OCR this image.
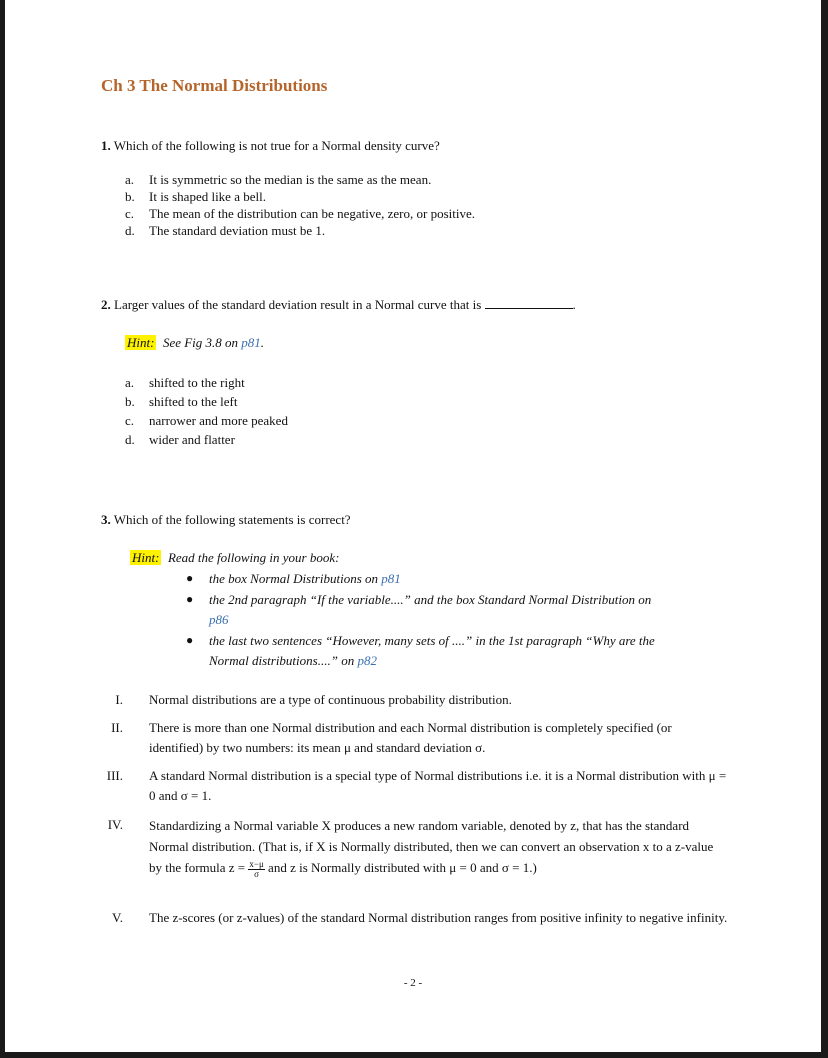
Ch 3 The Normal Distributions
1. Which of the following is not true for a Normal density curve?
a. It is symmetric so the median is the same as the mean.
b. It is shaped like a bell.
c. The mean of the distribution can be negative, zero, or positive.
d. The standard deviation must be 1.
2. Larger values of the standard deviation result in a Normal curve that is	.
Hint: See Fig 3.8 on p81.
a. shifted to the right
b. shifted to the left
c. narrower and more peaked
d. wider and flatter
3. Which of the following statements is correct?
Hint: Read the following in your book:
● the box Normal Distributions on p81
● the 2nd paragraph “If the variable....” and the box Standard Normal Distribution on
p86
● the last two sentences “However, many sets of ....” in the 1st paragraph “Why are the
Normal distributions....” on p82
I. Normal distributions are a type of continuous probability distribution.
II. There is more than one Normal distribution and each Normal distribution is completely specified (or identified) by two numbers: its mean μ and standard deviation σ.
III. A standard Normal distribution is a special type of Normal distributions i.e. it is a Normal distribution with μ = 0 and σ = 1.
IV. Standardizing a Normal variable X produces a new random variable, denoted by z, that has the standard Normal distribution. (That is, if X is Normally distributed, then we can convert an observation x to a z-value by the formula $z = \frac{x-\mu}{\sigma}$ and z is Normally distributed with μ = 0 and σ = 1.)
V. The z-scores (or z-values) of the standard Normal distribution ranges from positive infinity to negative infinity.
- 2 -
